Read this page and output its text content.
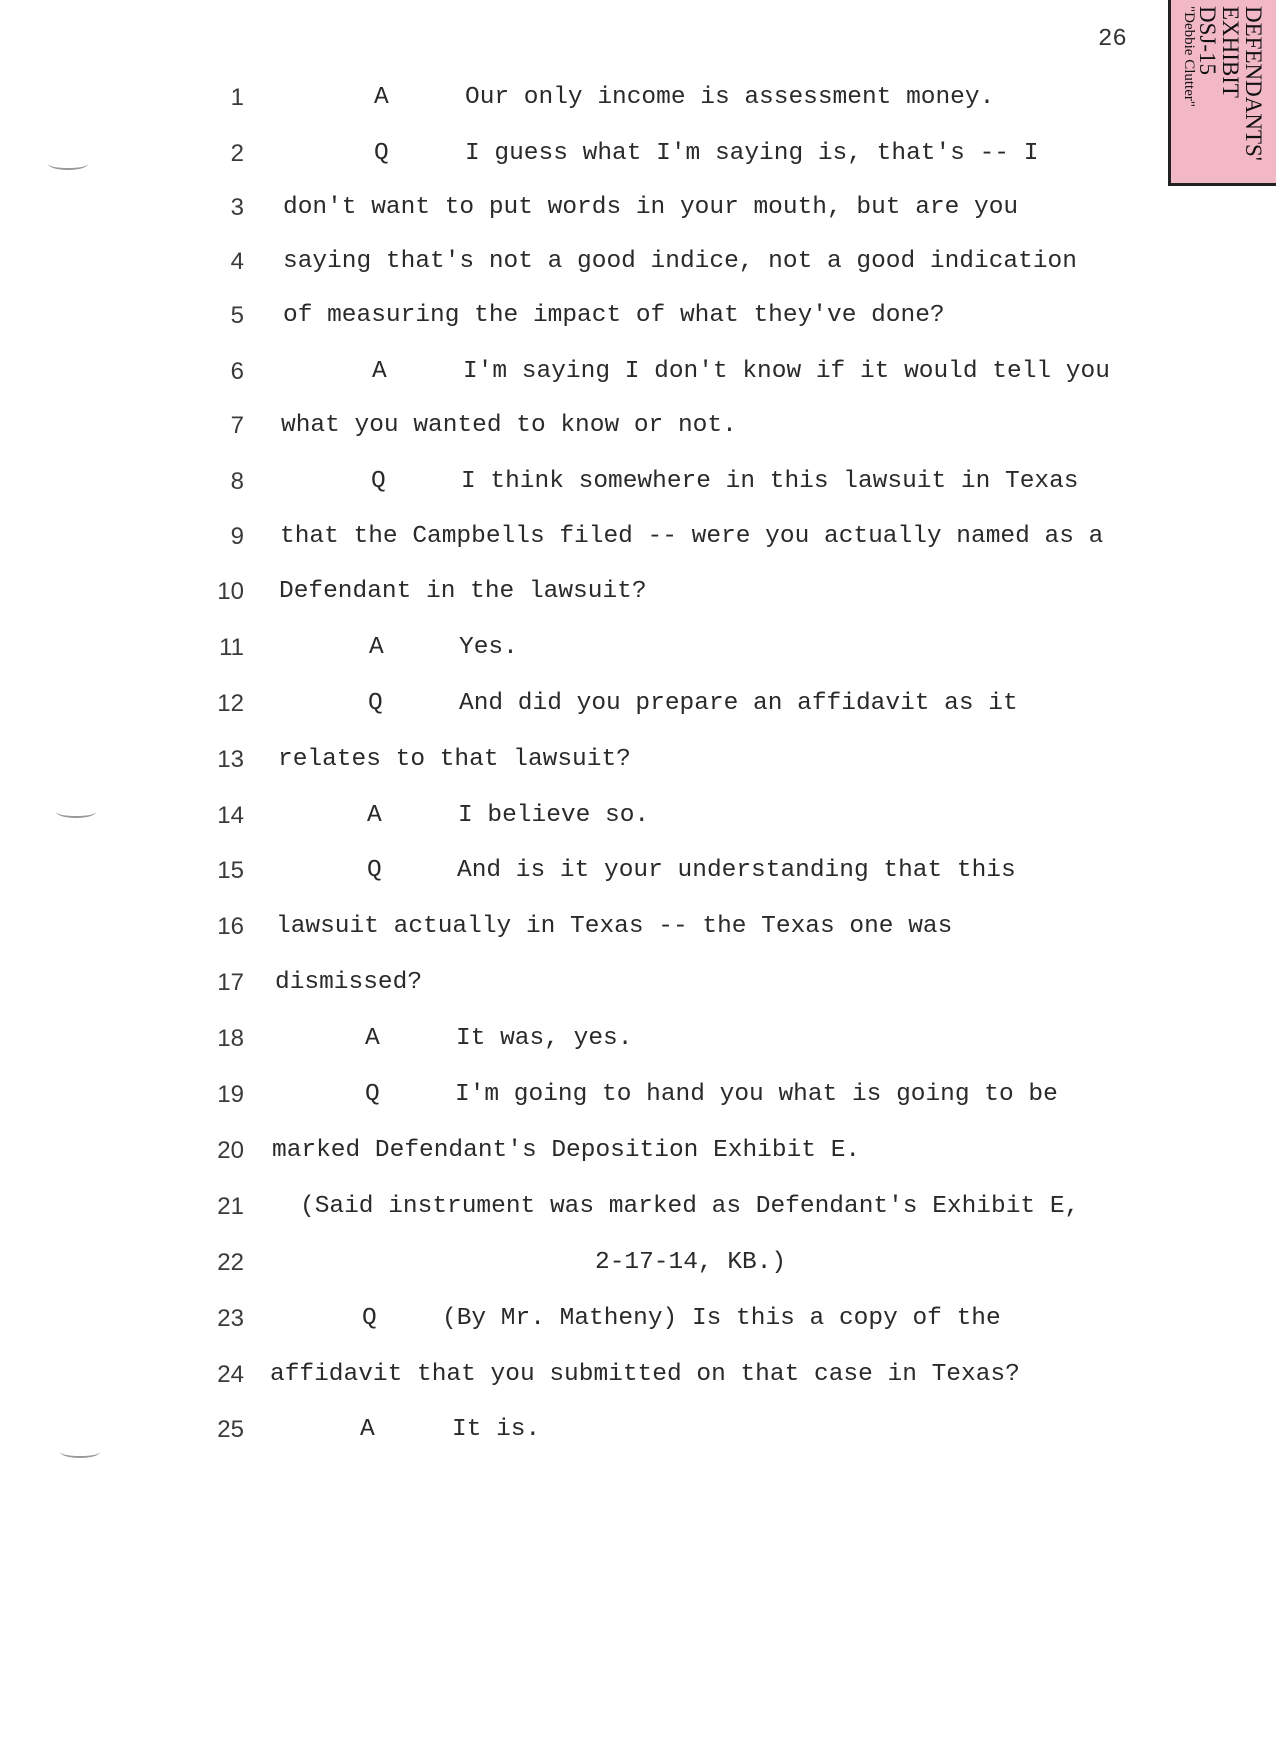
26	DEFENDANTS'
EXHIBIT
DSJ-15
"Debbie Clutter"
1	A	Our only income is assessment money.
2	Q	I guess what I'm saying is, that's -- I
3 don't want to put words in your mouth, but are you
4 saying that's not a good indice, not a good indication
5 of measuring the impact of what they've done?
6	A	I'm saying I don't know if it would tell you
7 what you wanted to know or not.
8	Q	I think somewhere in this lawsuit in Texas
9 that the Campbells filed -- were you actually named as a
10 Defendant in the lawsuit?
11	A	Yes.
12	Q	And did you prepare an affidavit as it
13 relates to that lawsuit?
14	A	I believe so.
15	Q	And is it your understanding that this
16 lawsuit actually in Texas -- the Texas one was
17 dismissed?
18	A	It was, yes.
19	Q	I'm going to hand you what is going to be
20 marked Defendant's Deposition Exhibit E.
21 (Said instrument was marked as Defendant's Exhibit E,
22	2-17-14, KB.)
23	Q	(By Mr. Matheny) Is this a copy of the
24 affidavit that you submitted on that case in Texas?
25	A	It is.
